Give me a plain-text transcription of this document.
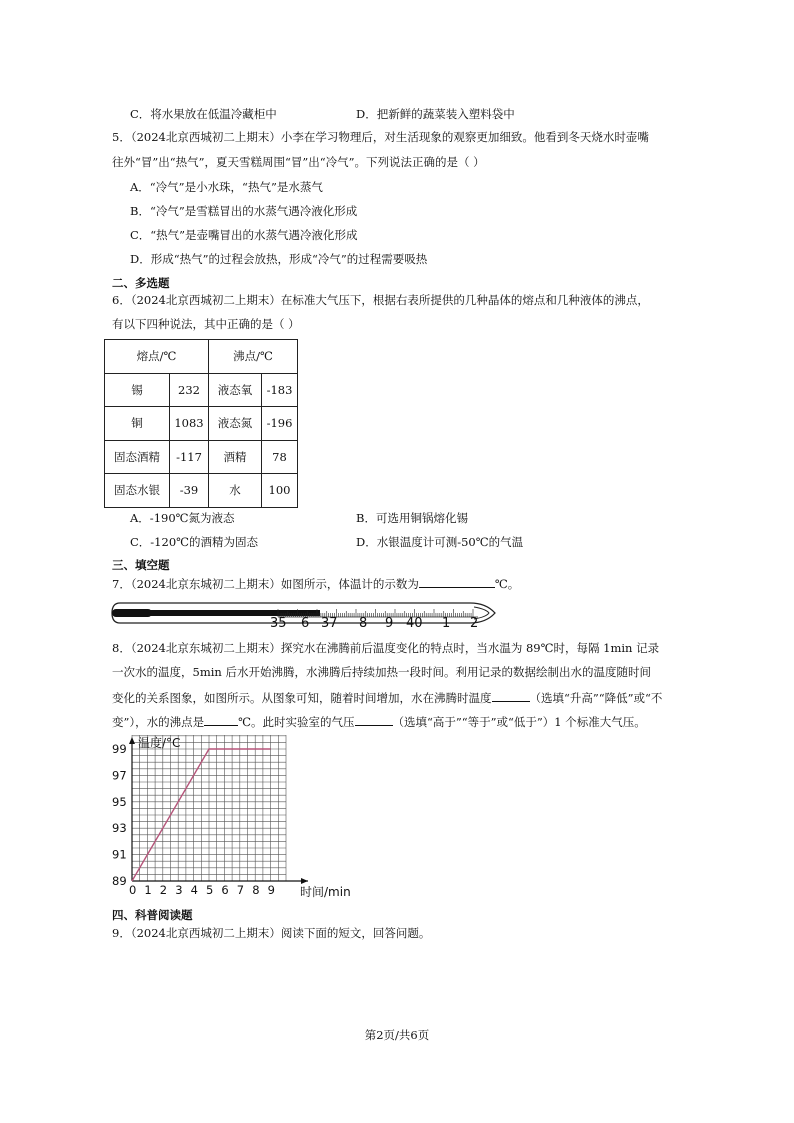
C．将水果放在低温冷藏柜中	D．把新鲜的蔬菜装入塑料袋中
5．（2024北京西城初二上期末）小李在学习物理后，对生活现象的观察更加细致。他看到冬天烧水时壶嘴
往外“冒”出“热气”，夏天雪糕周围“冒”出“冷气”。下列说法正确的是（ ）
A．“冷气”是小水珠，“热气”是水蒸气
B．“冷气”是雪糕冒出的水蒸气遇冷液化形成
C．“热气”是壶嘴冒出的水蒸气遇冷液化形成
D．形成“热气”的过程会放热，形成“冷气”的过程需要吸热
二、多选题
6．（2024北京西城初二上期末）在标准大气压下，根据右表所提供的几种晶体的熔点和几种液体的沸点，
有以下四种说法，其中正确的是（ ）
熔点/℃		沸点/℃	
锡	232	液态氧	-183
铜	1083	液态氮	-196
固态酒精	-117	酒精	78
固态水银	-39	水	100
A．-190℃氮为液态	B．可选用铜锅熔化锡
C．-120℃的酒精为固态	D．水银温度计可测-50℃的气温
三、填空题
7．（2024北京东城初二上期末）如图所示，体温计的示数为	℃。
35 6 37 8 9 40 1 2
8．（2024北京东城初二上期末）探究水在沸腾前后温度变化的特点时，当水温为 89℃时，每隔 1min 记录
一次水的温度，5min 后水开始沸腾，水沸腾后持续加热一段时间。利用记录的数据绘制出水的温度随时间
变化的关系图象，如图所示。从图象可知，随着时间增加，水在沸腾时温度	（选填“升高”“降低”或“不
变”），水的沸点是	℃。此时实验室的气压	（选填“高于”“等于”或“低于”）1 个标准大气压。
温度/°C
时间/min
0 1 2 3 4 5 6 7 8 9
89
91
93
95
97
99
四、科普阅读题
9．（2024北京西城初二上期末）阅读下面的短文，回答问题。
第2页/共6页
